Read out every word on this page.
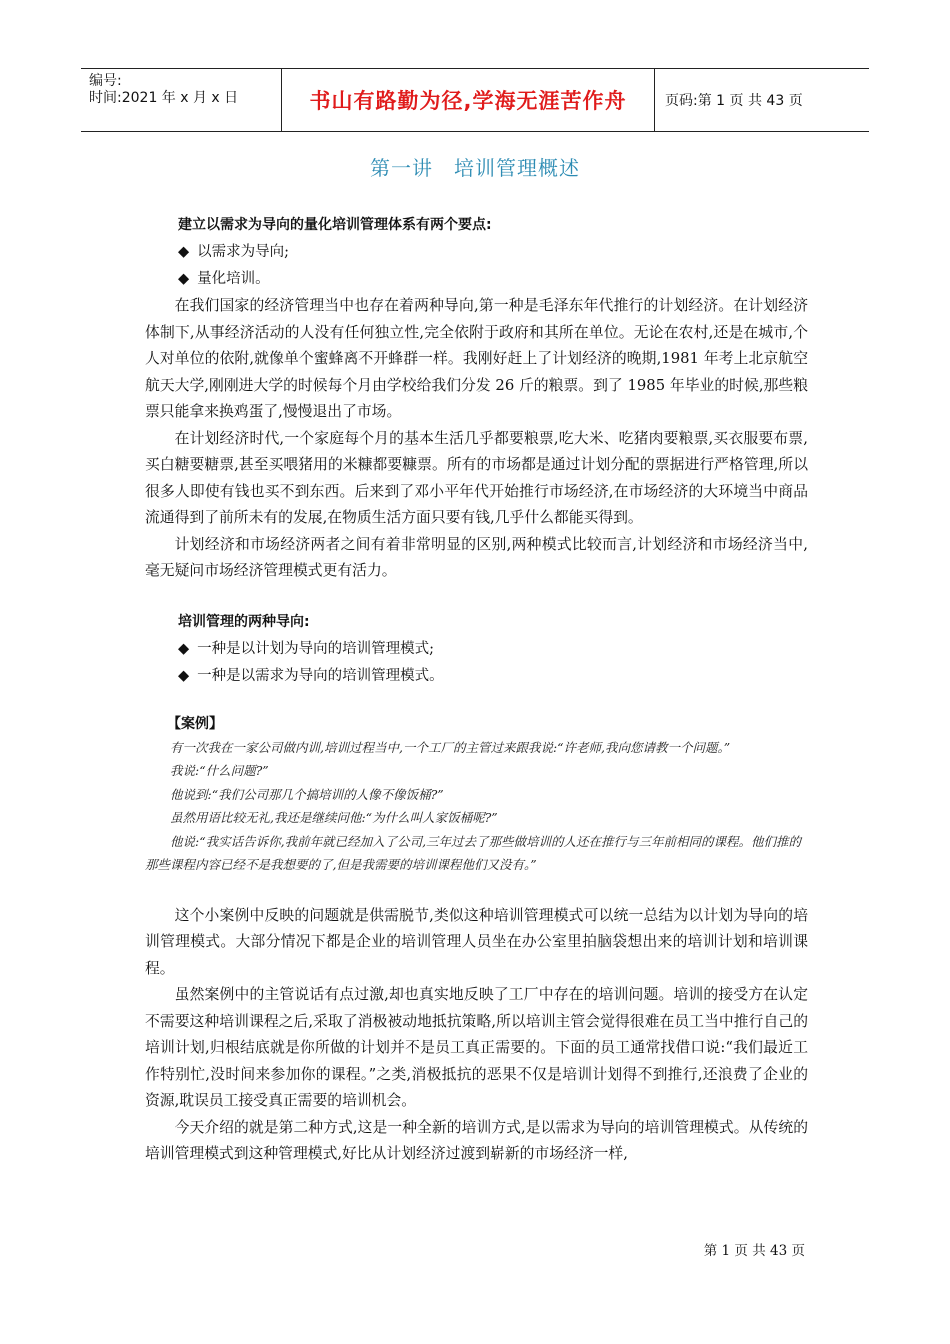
编号:
时间:2021 年 x 月 x 日	书山有路勤为径,学海无涯苦作舟	页码:第 1 页 共 43 页
第一讲　培训管理概述
建立以需求为导向的量化培训管理体系有两个要点:
◆ 以需求为导向;
◆ 量化培训。

在我们国家的经济管理当中也存在着两种导向,第一种是毛泽东年代推行的计划经济。在计划经济体制下,从事经济活动的人没有任何独立性,完全依附于政府和其所在单位。无论在农村,还是在城市,个人对单位的依附,就像单个蜜蜂离不开蜂群一样。我刚好赶上了计划经济的晚期,1981 年考上北京航空航天大学,刚刚进大学的时候每个月由学校给我们分发 26 斤的粮票。到了 1985 年毕业的时候,那些粮票只能拿来换鸡蛋了,慢慢退出了市场。

在计划经济时代,一个家庭每个月的基本生活几乎都要粮票,吃大米、吃猪肉要粮票,买衣服要布票,买白糖要糖票,甚至买喂猪用的米糠都要糠票。所有的市场都是通过计划分配的票据进行严格管理,所以很多人即使有钱也买不到东西。后来到了邓小平年代开始推行市场经济,在市场经济的大环境当中商品流通得到了前所未有的发展,在物质生活方面只要有钱,几乎什么都能买得到。

计划经济和市场经济两者之间有着非常明显的区别,两种模式比较而言,计划经济和市场经济当中,毫无疑问市场经济管理模式更有活力。

培训管理的两种导向:
◆ 一种是以计划为导向的培训管理模式;
◆ 一种是以需求为导向的培训管理模式。
【案例】

有一次我在一家公司做内训,培训过程当中,一个工厂的主管过来跟我说:“许老师,我向您请教一个问题。”

我说:“什么问题?”

他说到:“我们公司那几个搞培训的人像不像饭桶?”

虽然用语比较无礼,我还是继续问他:“为什么叫人家饭桶呢?”

他说:“我实话告诉你,我前年就已经加入了公司,三年过去了那些做培训的人还在推行与三年前相同的课程。他们推的那些课程内容已经不是我想要的了,但是我需要的培训课程他们又没有。”

这个小案例中反映的问题就是供需脱节,类似这种培训管理模式可以统一总结为以计划为导向的培训管理模式。大部分情况下都是企业的培训管理人员坐在办公室里拍脑袋想出来的培训计划和培训课程。

虽然案例中的主管说话有点过激,却也真实地反映了工厂中存在的培训问题。培训的接受方在认定不需要这种培训课程之后,采取了消极被动地抵抗策略,所以培训主管会觉得很难在员工当中推行自己的培训计划,归根结底就是你所做的计划并不是员工真正需要的。下面的员工通常找借口说:“我们最近工作特别忙,没时间来参加你的课程。”之类,消极抵抗的恶果不仅是培训计划得不到推行,还浪费了企业的资源,耽误员工接受真正需要的培训机会。

今天介绍的就是第二种方式,这是一种全新的培训方式,是以需求为导向的培训管理模式。从传统的培训管理模式到这种管理模式,好比从计划经济过渡到崭新的市场经济一样,

第 1 页 共 43 页
